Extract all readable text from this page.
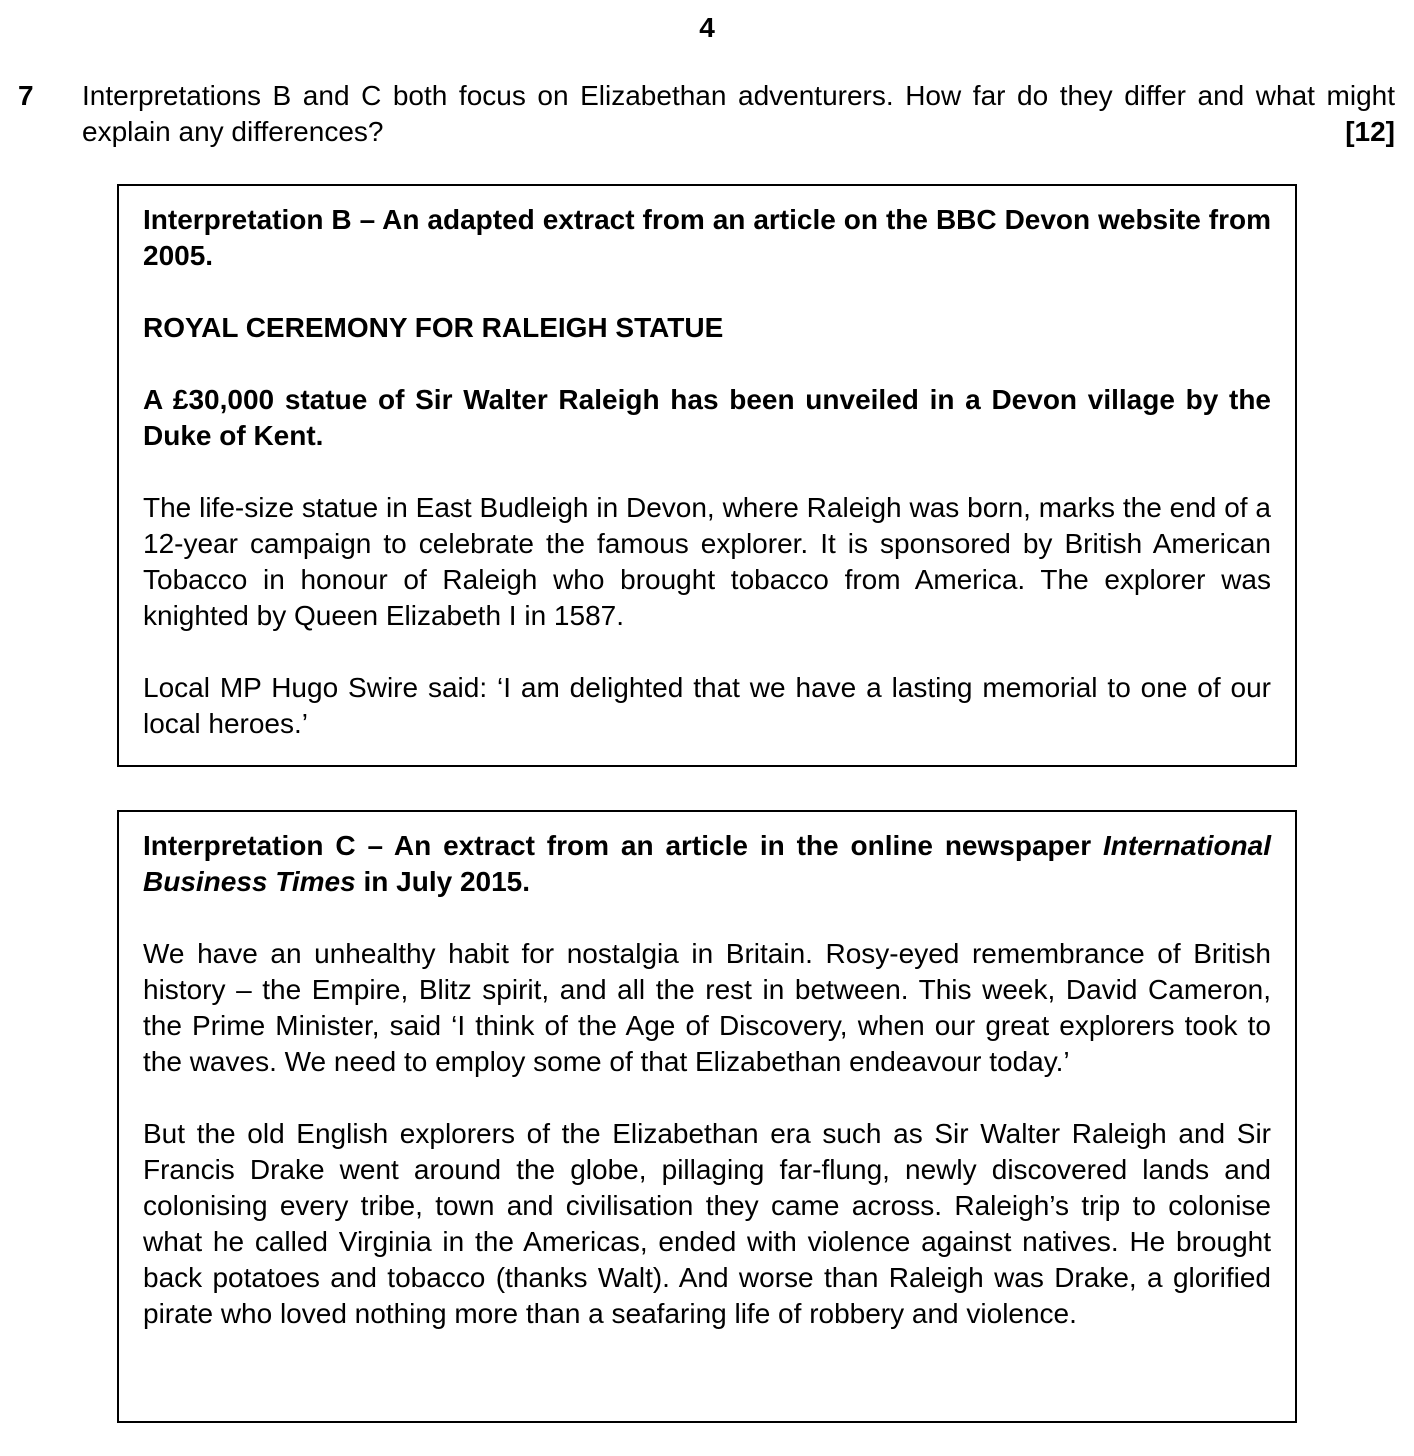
4
7 Interpretations B and C both focus on Elizabethan adventurers. How far do they differ and what might explain any differences?	[12]

Interpretation B – An adapted extract from an article on the BBC Devon website from 2005.

ROYAL CEREMONY FOR RALEIGH STATUE

A £30,000 statue of Sir Walter Raleigh has been unveiled in a Devon village by the Duke of Kent.

The life-size statue in East Budleigh in Devon, where Raleigh was born, marks the end of a 12-year campaign to celebrate the famous explorer. It is sponsored by British American Tobacco in honour of Raleigh who brought tobacco from America. The explorer was knighted by Queen Elizabeth I in 1587.

Local MP Hugo Swire said: ‘I am delighted that we have a lasting memorial to one of our local heroes.’

Interpretation C – An extract from an article in the online newspaper International Business Times in July 2015.

We have an unhealthy habit for nostalgia in Britain. Rosy-eyed remembrance of British history – the Empire, Blitz spirit, and all the rest in between. This week, David Cameron, the Prime Minister, said ‘I think of the Age of Discovery, when our great explorers took to the waves. We need to employ some of that Elizabethan endeavour today.’

But the old English explorers of the Elizabethan era such as Sir Walter Raleigh and Sir Francis Drake went around the globe, pillaging far-flung, newly discovered lands and colonising every tribe, town and civilisation they came across. Raleigh’s trip to colonise what he called Virginia in the Americas, ended with violence against natives. He brought back potatoes and tobacco (thanks Walt). And worse than Raleigh was Drake, a glorified pirate who loved nothing more than a seafaring life of robbery and violence.
